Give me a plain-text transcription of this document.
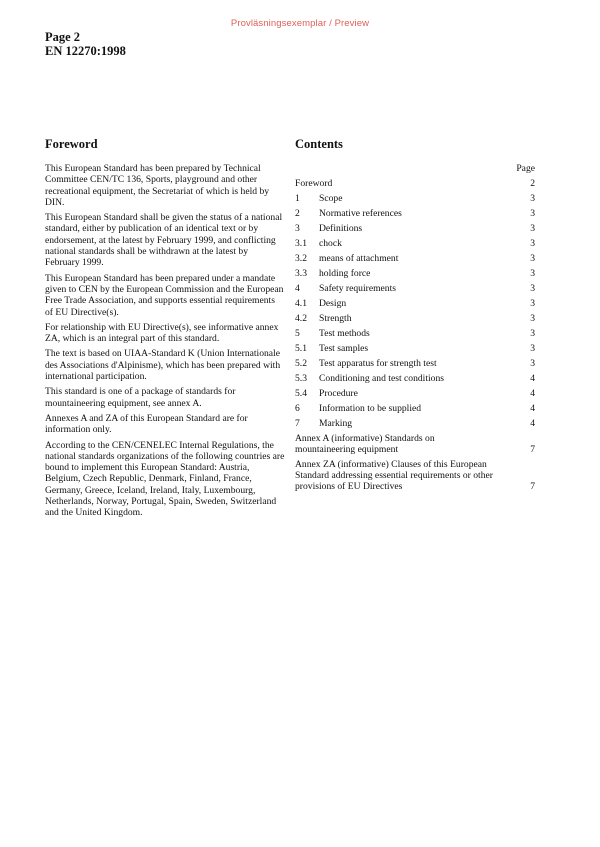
Provläsningsexemplar / Preview
Page 2
EN 12270:1998
Foreword

This European Standard has been prepared by Technical Committee CEN/TC 136, Sports, playground and other recreational equipment, the Secretariat of which is held by DIN.

This European Standard shall be given the status of a national standard, either by publication of an identical text or by endorsement, at the latest by February 1999, and conflicting national standards shall be withdrawn at the latest by February 1999.

This European Standard has been prepared under a mandate given to CEN by the European Commission and the European Free Trade Association, and supports essential requirements of EU Directive(s).

For relationship with EU Directive(s), see informative annex ZA, which is an integral part of this standard.

The text is based on UIAA-Standard K (Union Internationale des Associations d'Alpinisme), which has been prepared with international participation.

This standard is one of a package of standards for mountaineering equipment, see annex A.

Annexes A and ZA of this European Standard are for information only.

According to the CEN/CENELEC Internal Regulations, the national standards organizations of the following countries are bound to implement this European Standard: Austria, Belgium, Czech Republic, Denmark, Finland, France, Germany, Greece, Iceland, Ireland, Italy, Luxembourg, Netherlands, Norway, Portugal, Spain, Sweden, Switzerland and the United Kingdom.

Contents
Page
Foreword	2
1	Scope	3
2	Normative references	3
3	Definitions	3
3.1	chock	3
3.2	means of attachment	3
3.3	holding force	3
4	Safety requirements	3
4.1	Design	3
4.2	Strength	3
5	Test methods	3
5.1	Test samples	3
5.2	Test apparatus for strength test	3
5.3	Conditioning and test conditions	4
5.4	Procedure	4
6	Information to be supplied	4
7	Marking	4
Annex A (informative) Standards on mountaineering equipment	7
Annex ZA (informative) Clauses of this European Standard addressing essential requirements or other provisions of EU Directives	7
